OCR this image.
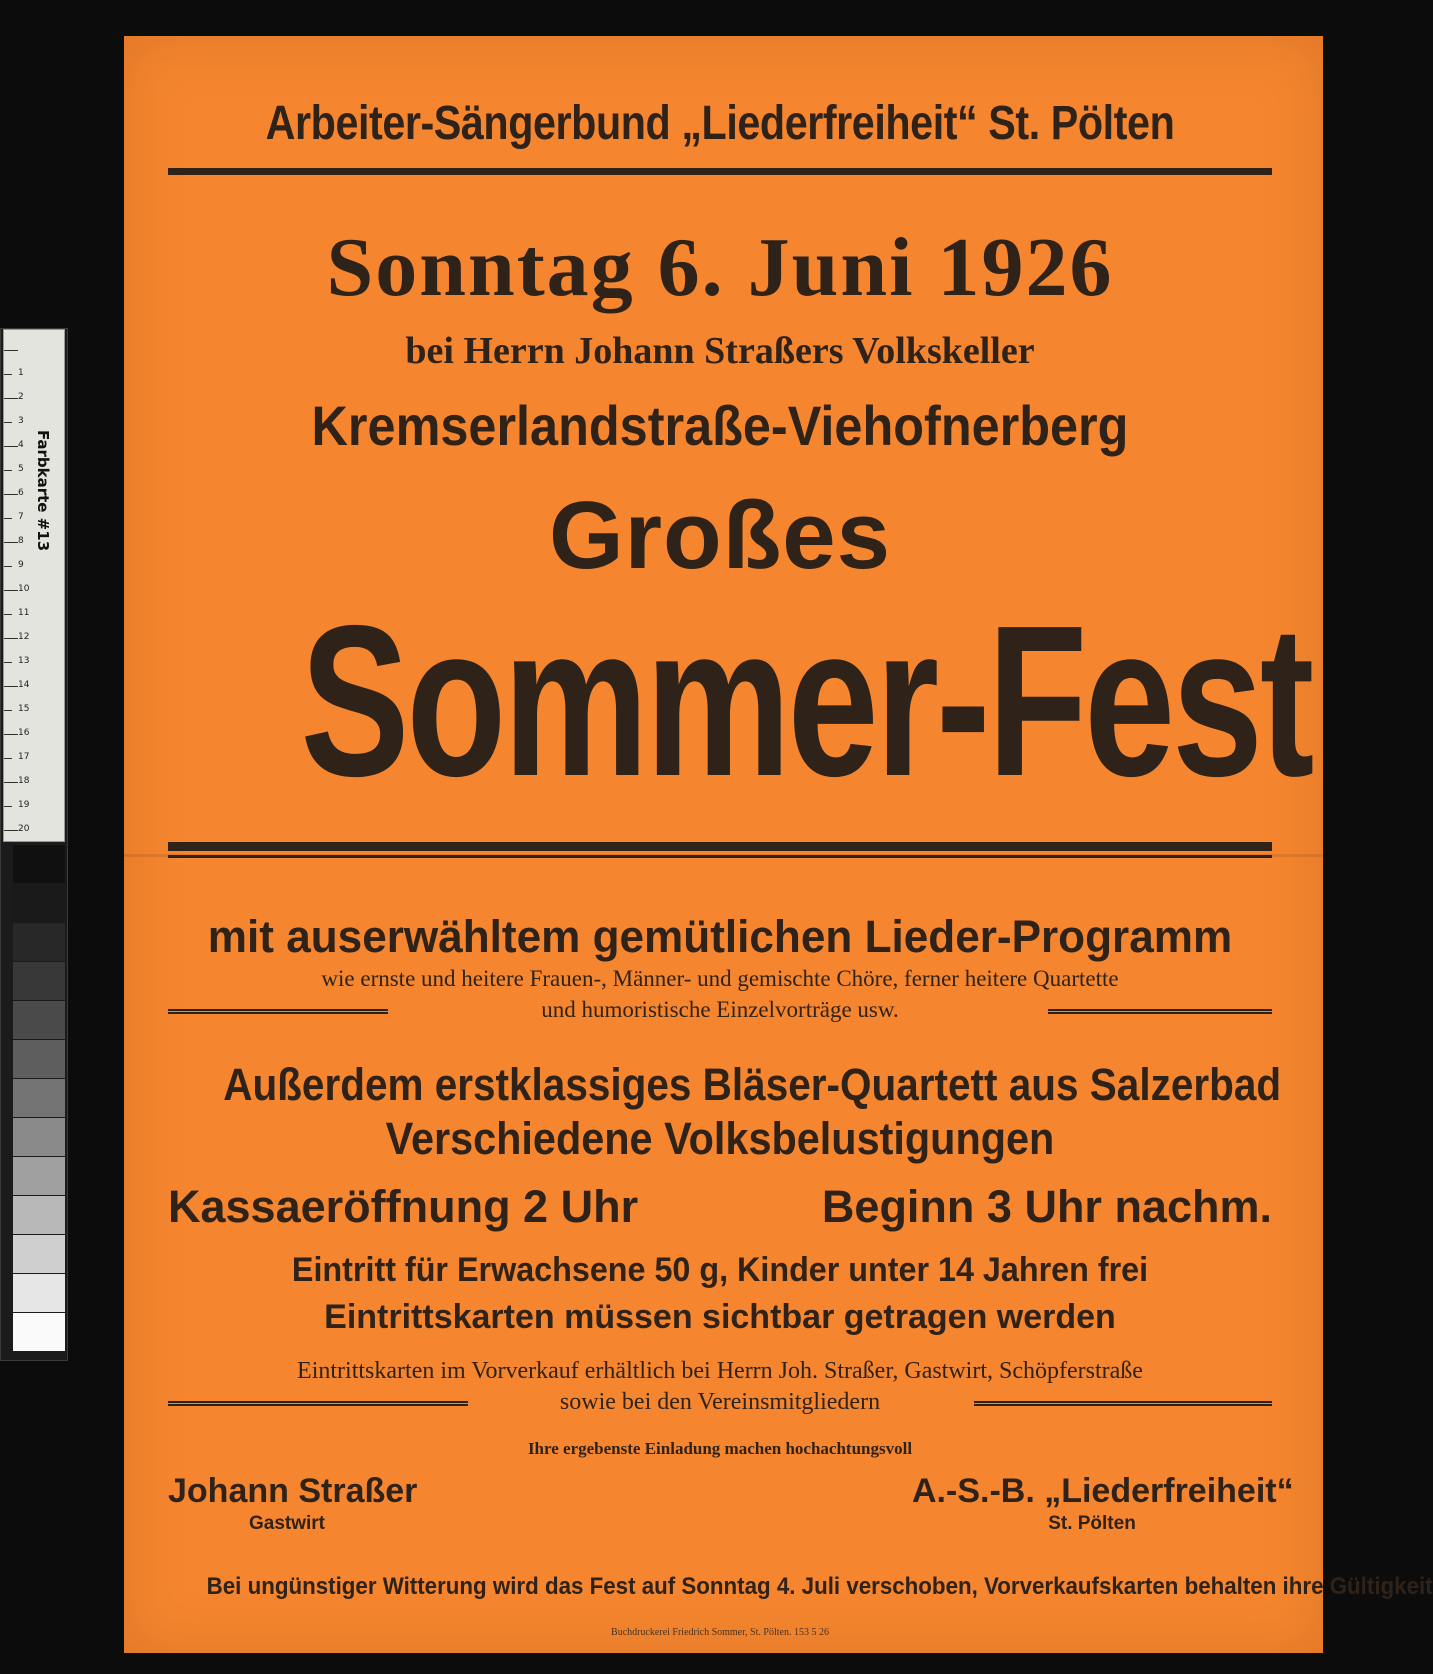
1
2
3
4
5
6
7
8
9
10
11
12
13
14
15
16
17
18
19
20
Farbkarte #13
Arbeiter-Sängerbund „Liederfreiheit“ St. Pölten
Sonntag 6. Juni 1926
bei Herrn Johann Straßers Volkskeller
Kremserlandstraße-Viehofnerberg
Großes
Sommer-Fest
mit auserwähltem gemütlichen Lieder-Programm
wie ernste und heitere Frauen-, Männer- und gemischte Chöre, ferner heitere Quartette
und humoristische Einzelvorträge usw.
Außerdem erstklassiges Bläser-Quartett aus Salzerbad
Verschiedene Volksbelustigungen
Kassaeröffnung 2 Uhr	Beginn 3 Uhr nachm.
Eintritt für Erwachsene 50 g, Kinder unter 14 Jahren frei
Eintrittskarten müssen sichtbar getragen werden
Eintrittskarten im Vorverkauf erhältlich bei Herrn Joh. Straßer, Gastwirt, Schöpferstraße
sowie bei den Vereinsmitgliedern
Ihre ergebenste Einladung machen hochachtungsvoll
Johann Straßer
Gastwirt
A.-S.-B. „Liederfreiheit“
St. Pölten
Bei ungünstiger Witterung wird das Fest auf Sonntag 4. Juli verschoben, Vorverkaufskarten behalten ihre Gültigkeit
Buchdruckerei Friedrich Sommer, St. Pölten. 153 5 26
